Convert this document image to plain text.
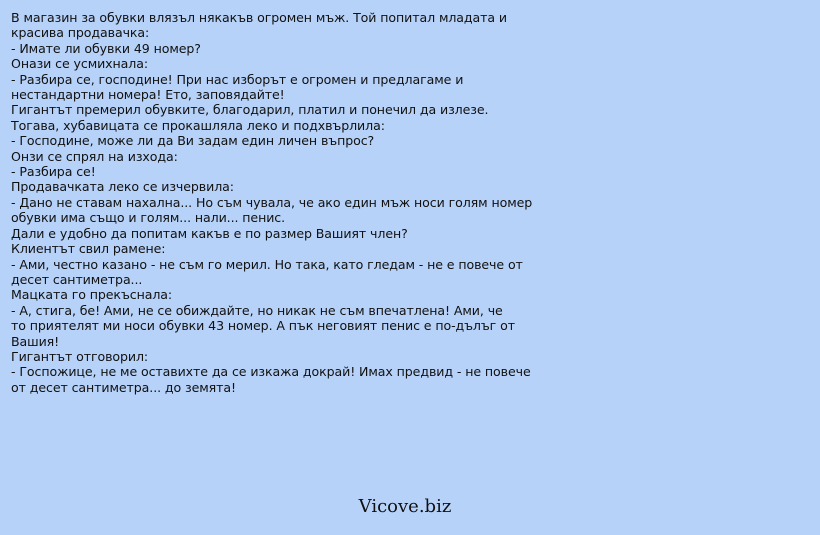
В магазин за обувки влязъл някакъв огромен мъж. Той попитал младата и
красива продавачка:
- Имате ли обувки 49 номер?
Онази се усмихнала:
- Разбира се, господине! При нас изборът е огромен и предлагаме и
нестандартни номера! Ето, заповядайте!
Гигантът премерил обувките, благодарил, платил и понечил да излезе.
Тогава, хубавицата се прокашляла леко и подхвърлила:
- Господине, може ли да Ви задам един личен въпрос?
Онзи се спрял на изхода:
- Разбира се!
Продавачката леко се изчервила:
- Дано не ставам нахална... Но съм чувала, че ако един мъж носи голям номер
обувки има също и голям... нали... пенис.
Дали е удобно да попитам какъв е по размер Вашият член?
Клиентът свил рамене:
- Ами, честно казано - не съм го мерил. Но така, като гледам - не е повече от
десет сантиметра...
Мацката го прекъснала:
- А, стига, бе! Ами, не се обиждайте, но никак не съм впечатлена! Ами, че
то приятелят ми носи обувки 43 номер. А пък неговият пенис е по-дълъг от
Вашия!
Гигантът отговорил:
- Госпожице, не ме оставихте да се изкажа докрай! Имах предвид - не повече
от десет сантиметра... до земята!
Vicove.biz
